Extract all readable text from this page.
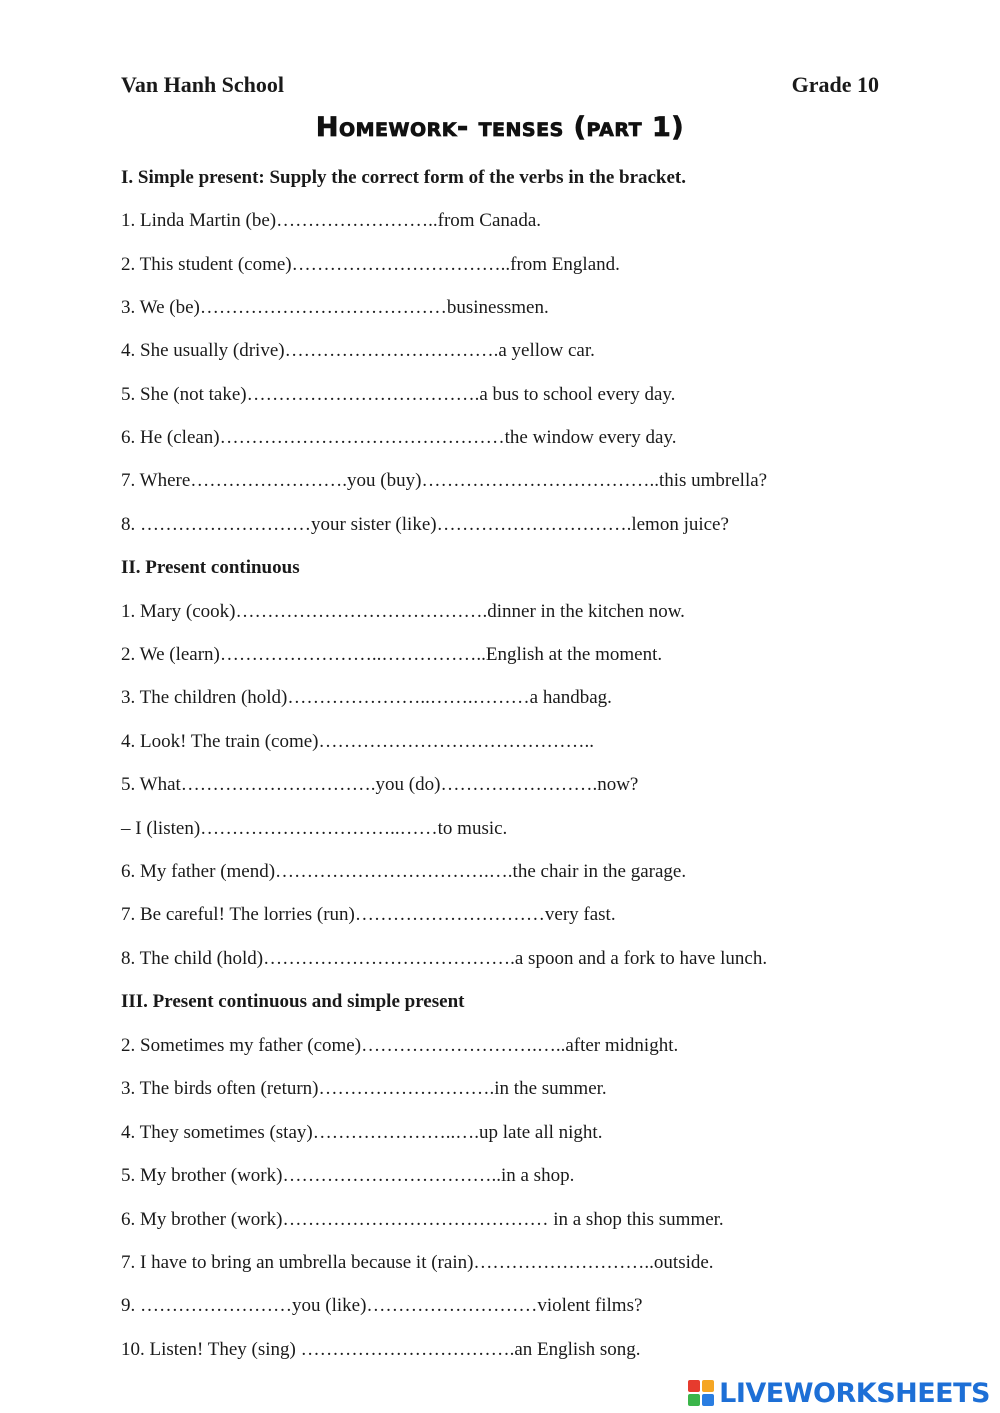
Van Hanh School	Grade 10
Homework- tenses (part 1)
I. Simple present: Supply the correct form of the verbs in the bracket.
1. Linda Martin (be)……………………..from Canada.
2. This student (come)……………………………..from England.
3. We (be)…………………………………businessmen.
4. She usually (drive)…………………………….a yellow car.
5. She (not take)……………………………….a bus to school every day.
6. He (clean)………………………………………the window every day.
7. Where…………………….you (buy)………………………………..this umbrella?
8. ………………………your sister (like)………………………….lemon juice?
II. Present continuous
1. Mary (cook)………………………………….dinner in the kitchen now.
2. We (learn)……………………..……………..English at the moment.
3. The children (hold)…………………..…….………a handbag.
4. Look! The train (come)……………………………………..
5. What………………………….you (do)…………………….now?
– I (listen)…………………………..……to music.
6. My father (mend)…………………………….….the chair in the garage.
7. Be careful! The lorries (run)…………………………very fast.
8. The child (hold)………………………………….a spoon and a fork to have lunch.
III. Present continuous and simple present
2. Sometimes my father (come)……………………….…..after midnight.
3. The birds often (return)……………………….in the summer.
4. They sometimes (stay)…………………..….up late all night.
5. My brother (work)……………………………..in a shop.
6. My brother (work)…………………………………… in a shop this summer.
7. I have to bring an umbrella because it (rain)………………………..outside.
9. ……………………you (like)………………………violent films?
10. Listen! They (sing) …………………………….an English song.
LIVEWORKSHEETS
